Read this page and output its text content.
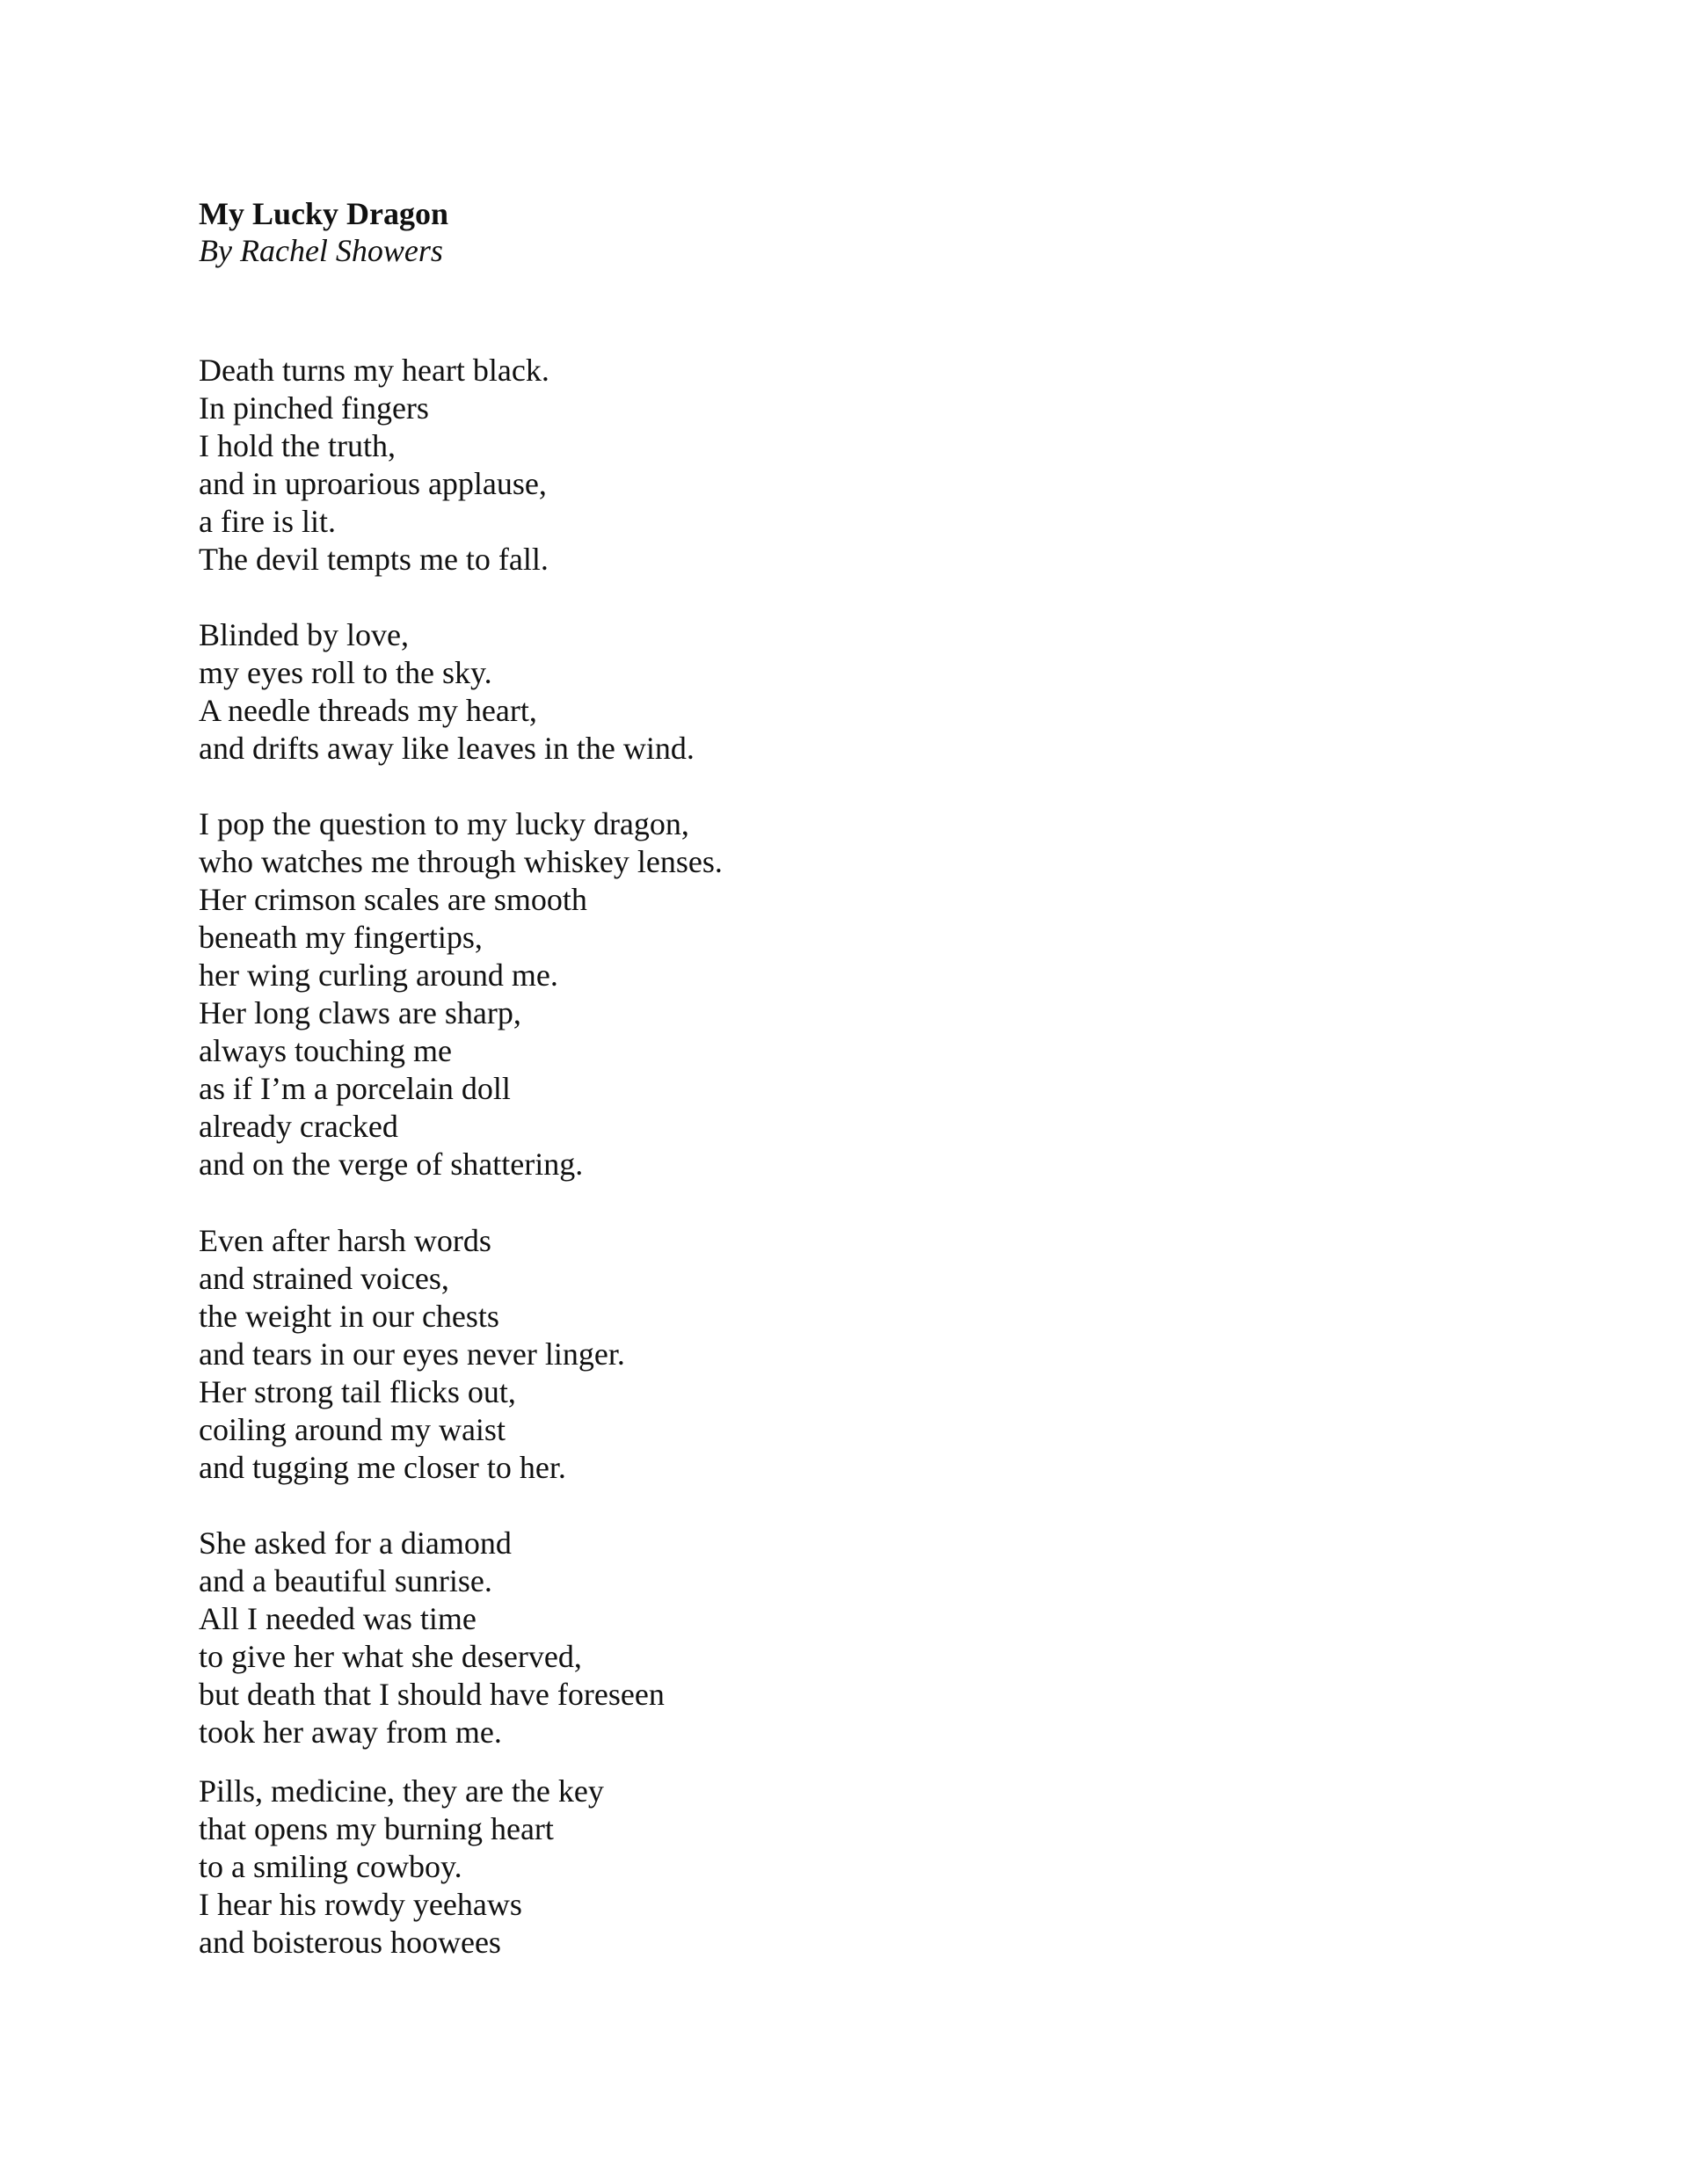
My Lucky Dragon
By Rachel Showers
Death turns my heart black.
In pinched fingers
I hold the truth,
and in uproarious applause,
a fire is lit.
The devil tempts me to fall.
Blinded by love,
my eyes roll to the sky.
A needle threads my heart,
and drifts away like leaves in the wind.
I pop the question to my lucky dragon,
who watches me through whiskey lenses.
Her crimson scales are smooth
beneath my fingertips,
her wing curling around me.
Her long claws are sharp,
always touching me
as if I’m a porcelain doll
already cracked
and on the verge of shattering.
Even after harsh words
and strained voices,
the weight in our chests
and tears in our eyes never linger.
Her strong tail flicks out,
coiling around my waist
and tugging me closer to her.
She asked for a diamond
and a beautiful sunrise.
All I needed was time
to give her what she deserved,
but death that I should have foreseen
took her away from me.
Pills, medicine, they are the key
that opens my burning heart
to a smiling cowboy.
I hear his rowdy yeehaws
and boisterous hoowees
